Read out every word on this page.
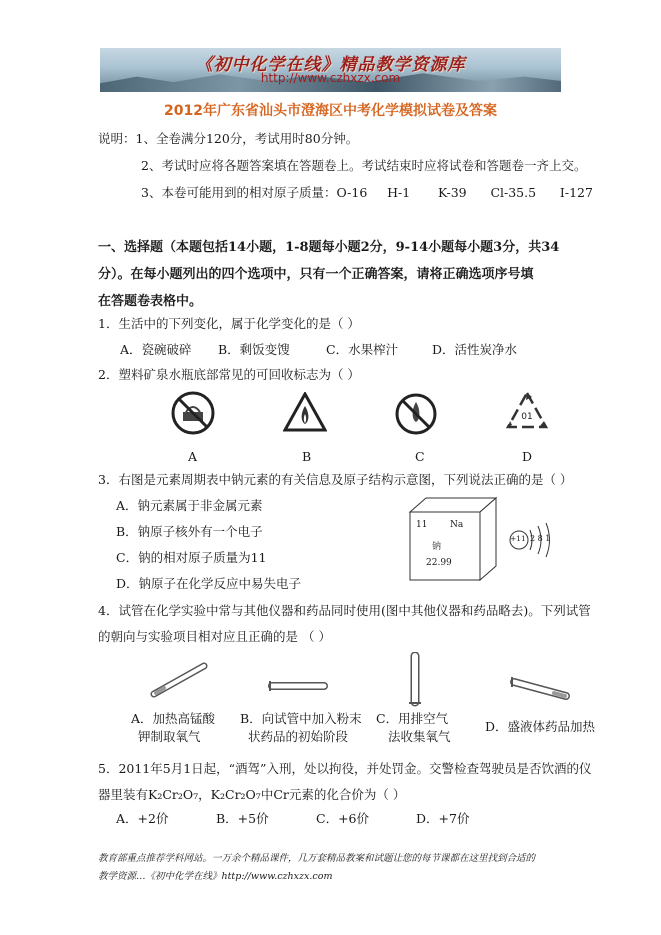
《初中化学在线》精品教学资源库
http://www.czhxzx.com
2012年广东省汕头市澄海区中考化学模拟试卷及答案
说明：1、全卷满分120分，考试用时80分钟。
2、考试时应将各题答案填在答题卷上。考试结束时应将试卷和答题卷一齐上交。
3、本卷可能用到的相对原子质量：O-16     H-1       K-39      Cl-35.5      I-127
一、选择题（本题包括14小题，1-8题每小题2分，9-14小题每小题3分，共34
分）。在每小题列出的四个选项中，只有一个正确答案，请将正确选项序号填
在答题卷表格中。
1．生活中的下列变化，属于化学变化的是（ ）
A．瓷碗破碎 B．剩饭变馊	C．水果榨汁	D．活性炭净水
2．塑料矿泉水瓶底部常见的可回收标志为（ ）
01
A	B	C	D
3．右图是元素周期表中钠元素的有关信息及原子结构示意图，下列说法正确的是（ ）
A．钠元素属于非金属元素
B．钠原子核外有一个电子
C．钠的相对原子质量为11
D．钠原子在化学反应中易失电子
11	Na
钠
22.99
+11 2 8 1
4．试管在化学实验中常与其他仪器和药品同时使用(图中其他仪器和药品略去)。下列试管
的朝向与实验项目相对应且正确的是 （ ）
A．加热高锰酸
钾制取氧气
B．向试管中加入粉末
状药品的初始阶段
C．用排空气
法收集氧气
D．盛液体药品加热
5．2011年5月1日起，“酒驾”入刑，处以拘役，并处罚金。交警检查驾驶员是否饮酒的仪
器里装有K₂Cr₂O₇，K₂Cr₂O₇中Cr元素的化合价为（ ）
A．+2价	B．+5价	C．+6价	D．+7价
教育部重点推荐学科网站。一万余个精品课件，几万套精品教案和试题让您的每节课都在这里找到合适的
教学资源…《初中化学在线》http://www.czhxzx.com
